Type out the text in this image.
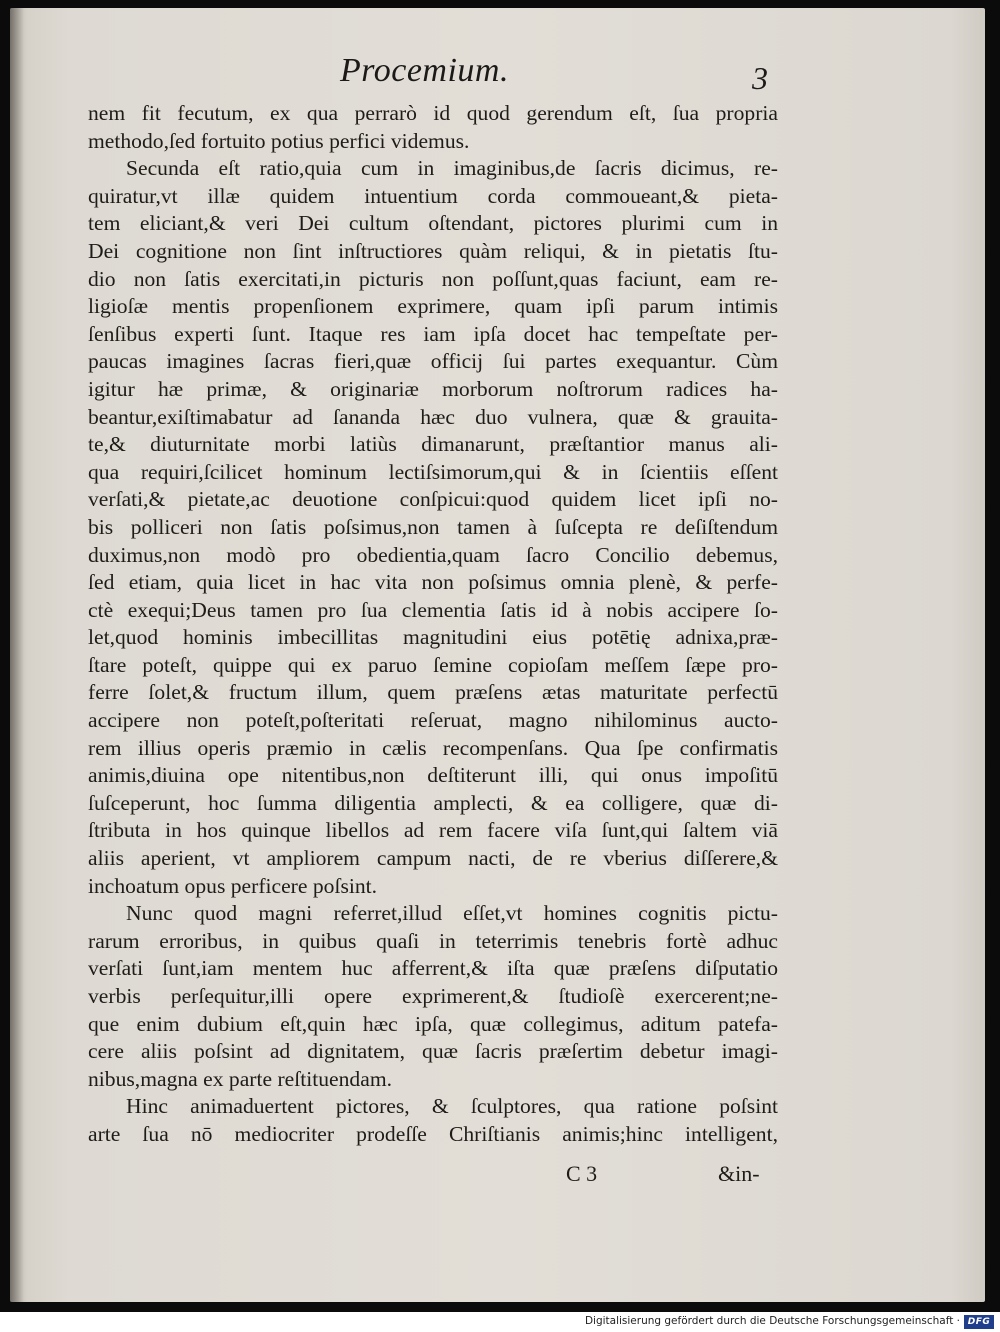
Procemium.	3
nem fit fecutum, ex qua perrarò id quod gerendum eſt, ſua propria
methodo,ſed fortuito potius perfici videmus.
Secunda eſt ratio,quia cum in imaginibus,de ſacris dicimus, re-
quiratur,vt illæ quidem intuentium corda commoueant,& pieta-
tem eliciant,& veri Dei cultum oſtendant, pictores plurimi cum in
Dei cognitione non ſint inſtructiores quàm reliqui, & in pietatis ſtu-
dio non ſatis exercitati,in picturis non poſſunt,quas faciunt, eam re-
ligioſæ mentis propenſionem exprimere, quam ipſi parum intimis
ſenſibus experti ſunt. Itaque res iam ipſa docet hac tempeſtate per-
paucas imagines ſacras fieri,quæ officij ſui partes exequantur. Cùm
igitur hæ primæ, & originariæ morborum noſtrorum radices ha-
beantur,exiſtimabatur ad ſananda hæc duo vulnera, quæ & grauita-
te,& diuturnitate morbi latiùs dimanarunt, præſtantior manus ali-
qua requiri,ſcilicet hominum lectiſsimorum,qui & in ſcientiis eſſent
verſati,& pietate,ac deuotione conſpicui:quod quidem licet ipſi no-
bis polliceri non ſatis poſsimus,non tamen à ſuſcepta re deſiſtendum
duximus,non modò pro obedientia,quam ſacro Concilio debemus,
ſed etiam, quia licet in hac vita non poſsimus omnia plenè, & perfe-
ctè exequi;Deus tamen pro ſua clementia ſatis id à nobis accipere ſo-
let,quod hominis imbecillitas magnitudini eius potētię adnixa,præ-
ſtare poteſt, quippe qui ex paruo ſemine copioſam meſſem ſæpe pro-
ferre ſolet,& fructum illum, quem præſens ætas maturitate perfectū
accipere non poteſt,poſteritati reſeruat, magno nihilominus aucto-
rem illius operis præmio in cælis recompenſans. Qua ſpe confirmatis
animis,diuina ope nitentibus,non deſtiterunt illi, qui onus impoſitū
ſuſceperunt, hoc ſumma diligentia amplecti, & ea colligere, quæ di-
ſtributa in hos quinque libellos ad rem facere viſa ſunt,qui ſaltem viā
aliis aperient, vt ampliorem campum nacti, de re vberius diſſerere,&
inchoatum opus perficere poſsint.
Nunc quod magni referret,illud eſſet,vt homines cognitis pictu-
rarum erroribus, in quibus quaſi in teterrimis tenebris fortè adhuc
verſati ſunt,iam mentem huc afferrent,& iſta quæ præſens diſputatio
verbis perſequitur,illi opere exprimerent,& ſtudioſè exercerent;ne-
que enim dubium eſt,quin hæc ipſa, quæ collegimus, aditum patefa-
cere aliis poſsint ad dignitatem, quæ ſacris præſertim debetur imagi-
nibus,magna ex parte reſtituendam.
Hinc animaduertent pictores, & ſculptores, qua ratione poſsint
arte ſua nō mediocriter prodeſſe Chriſtianis animis;hinc intelligent,
C 3	&in-
Digitalisierung gefördert durch die Deutsche Forschungsgemeinschaft · DFG
